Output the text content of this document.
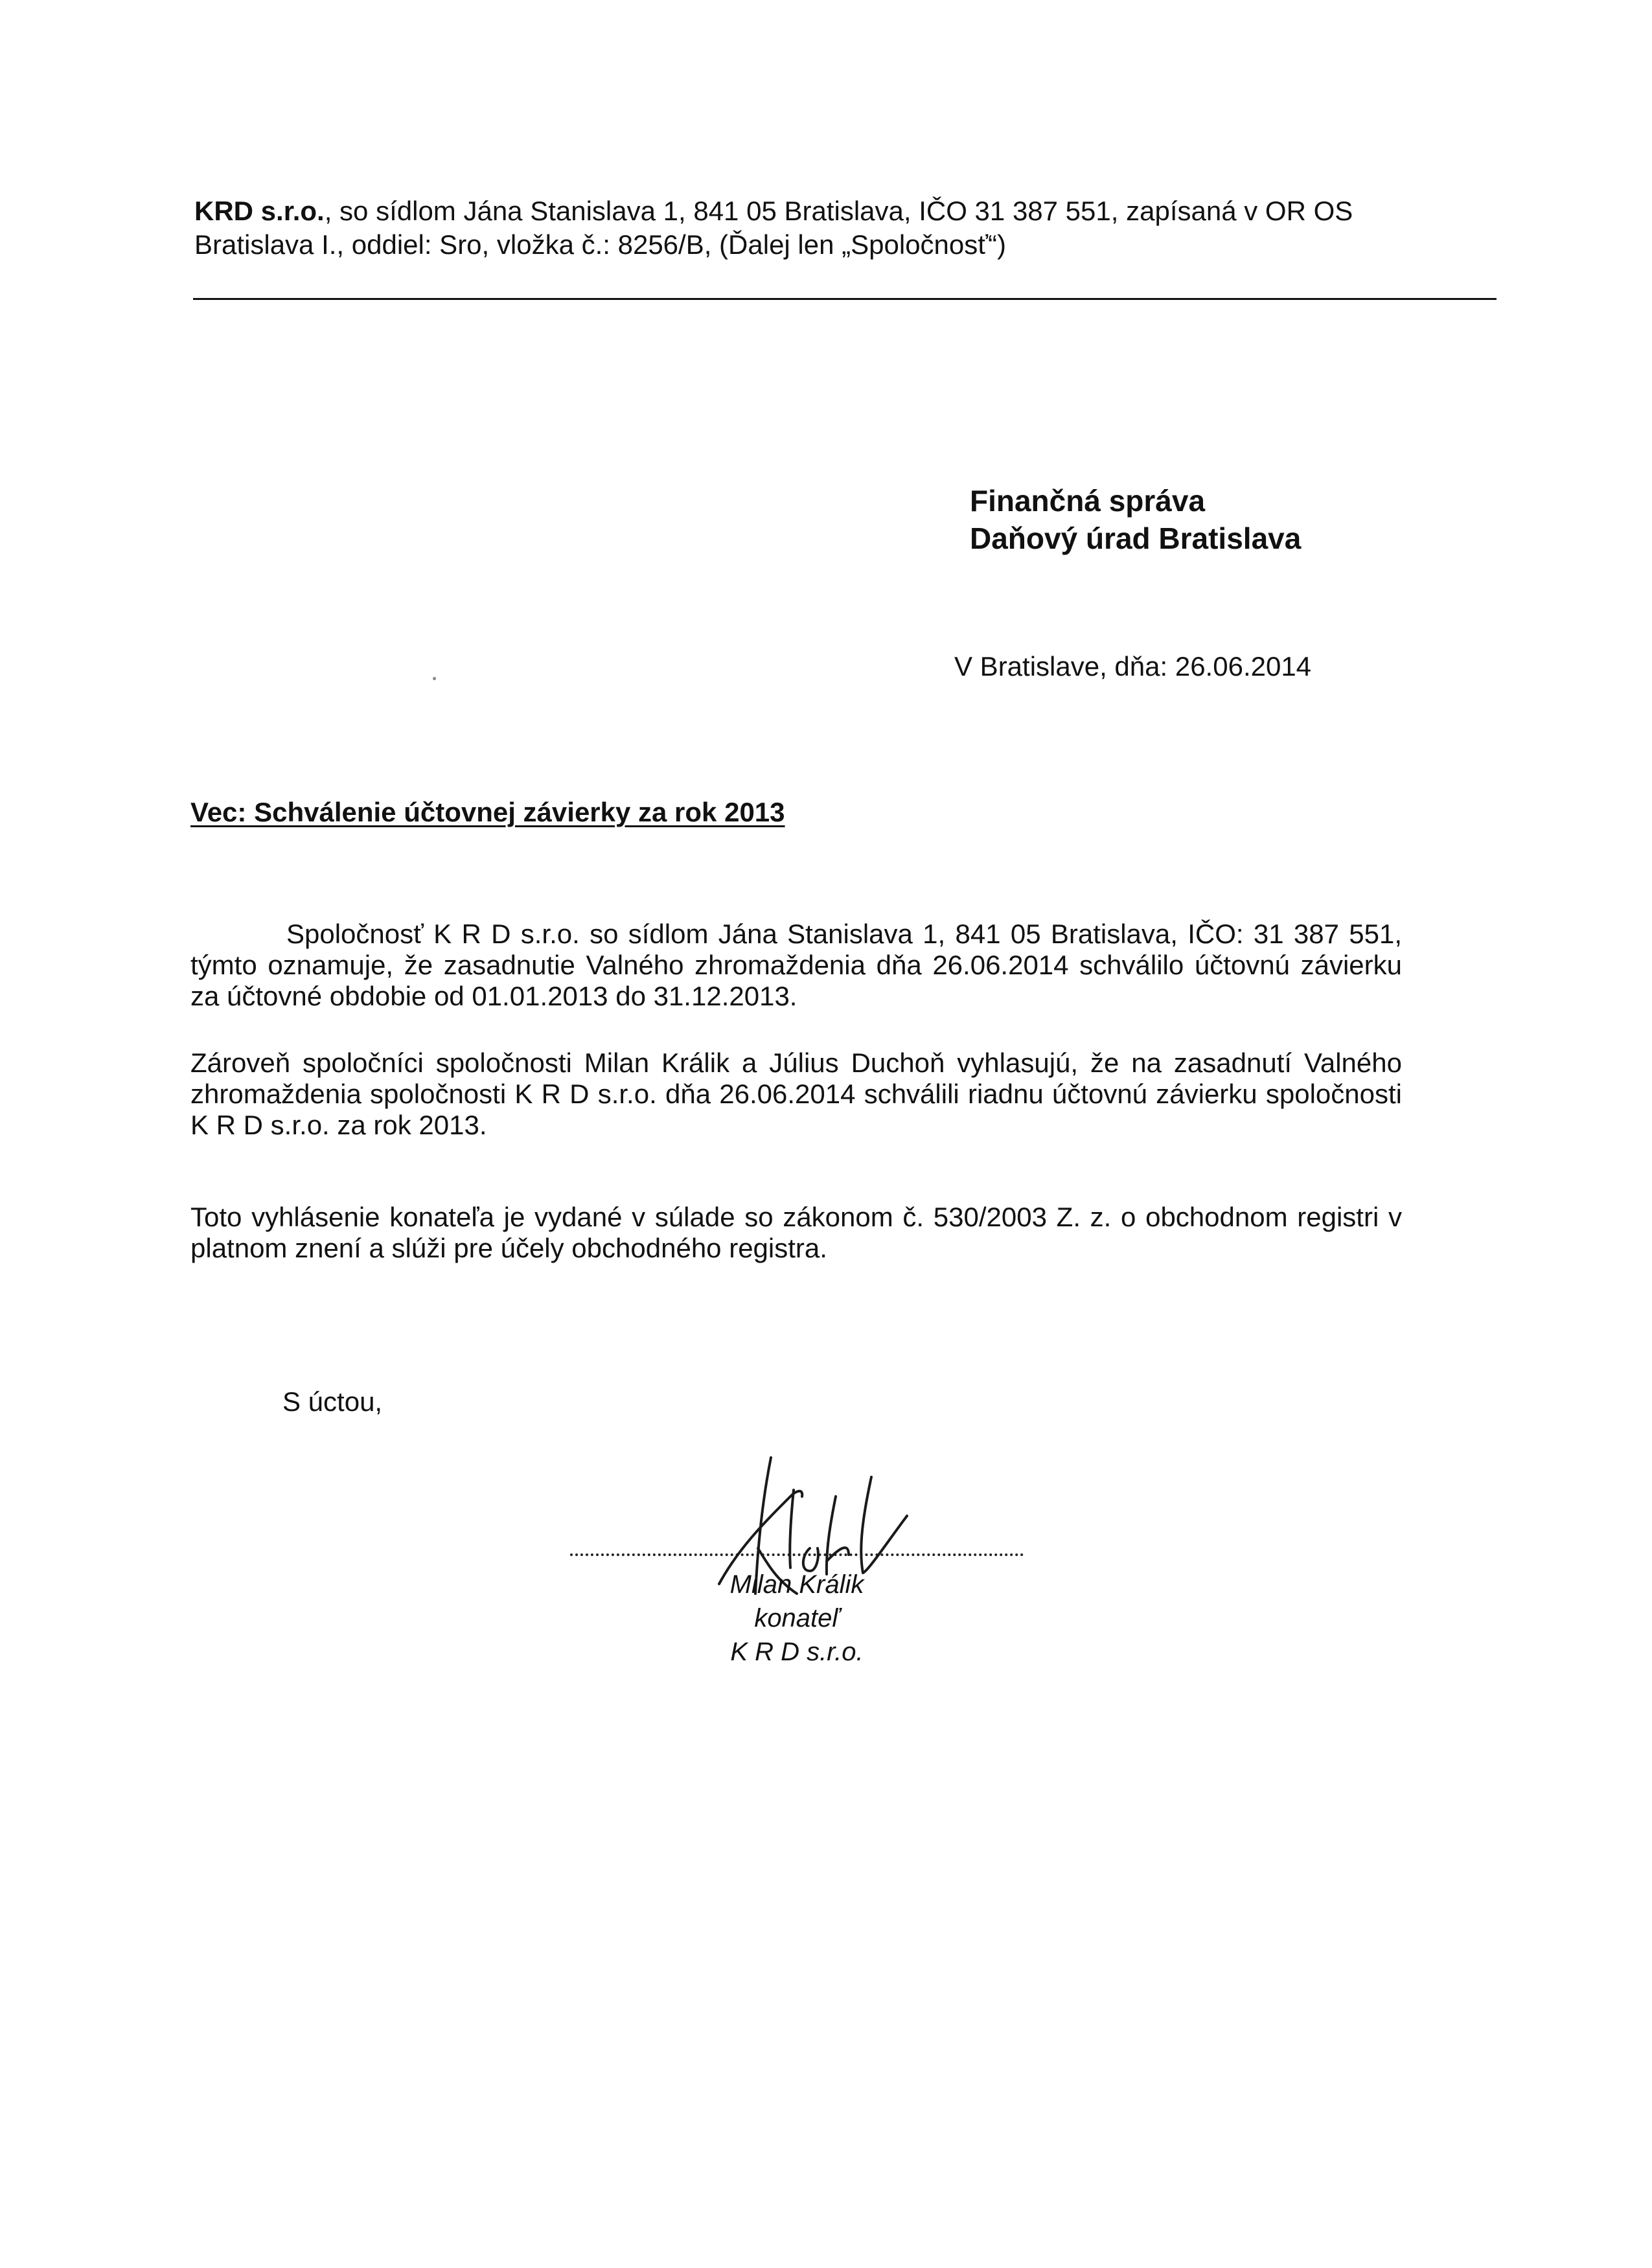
KRD s.r.o., so sídlom Jána Stanislava 1, 841 05 Bratislava, IČO 31 387 551, zapísaná v OR OS Bratislava I., oddiel: Sro, vložka č.: 8256/B, (Ďalej len „Spoločnosť“)
Finančná správa
Daňový úrad Bratislava
V Bratislave, dňa: 26.06.2014
Vec: Schválenie účtovnej závierky za rok 2013
Spoločnosť K R D s.r.o. so sídlom Jána Stanislava 1, 841 05 Bratislava, IČO: 31 387 551, týmto oznamuje, že zasadnutie Valného zhromaždenia dňa 26.06.2014 schválilo účtovnú závierku za účtovné obdobie od 01.01.2013 do 31.12.2013.
Zároveň spoločníci spoločnosti Milan Králik a Július Duchoň vyhlasujú, že na zasadnutí Valného zhromaždenia spoločnosti K R D s.r.o. dňa 26.06.2014 schválili riadnu účtovnú závierku spoločnosti K R D s.r.o. za rok 2013.
Toto vyhlásenie konateľa je vydané v súlade so zákonom č. 530/2003 Z. z. o obchodnom registri v platnom znení a slúži pre účely obchodného registra.
S úctou,
Milan Králik
konateľ
K R D s.r.o.
